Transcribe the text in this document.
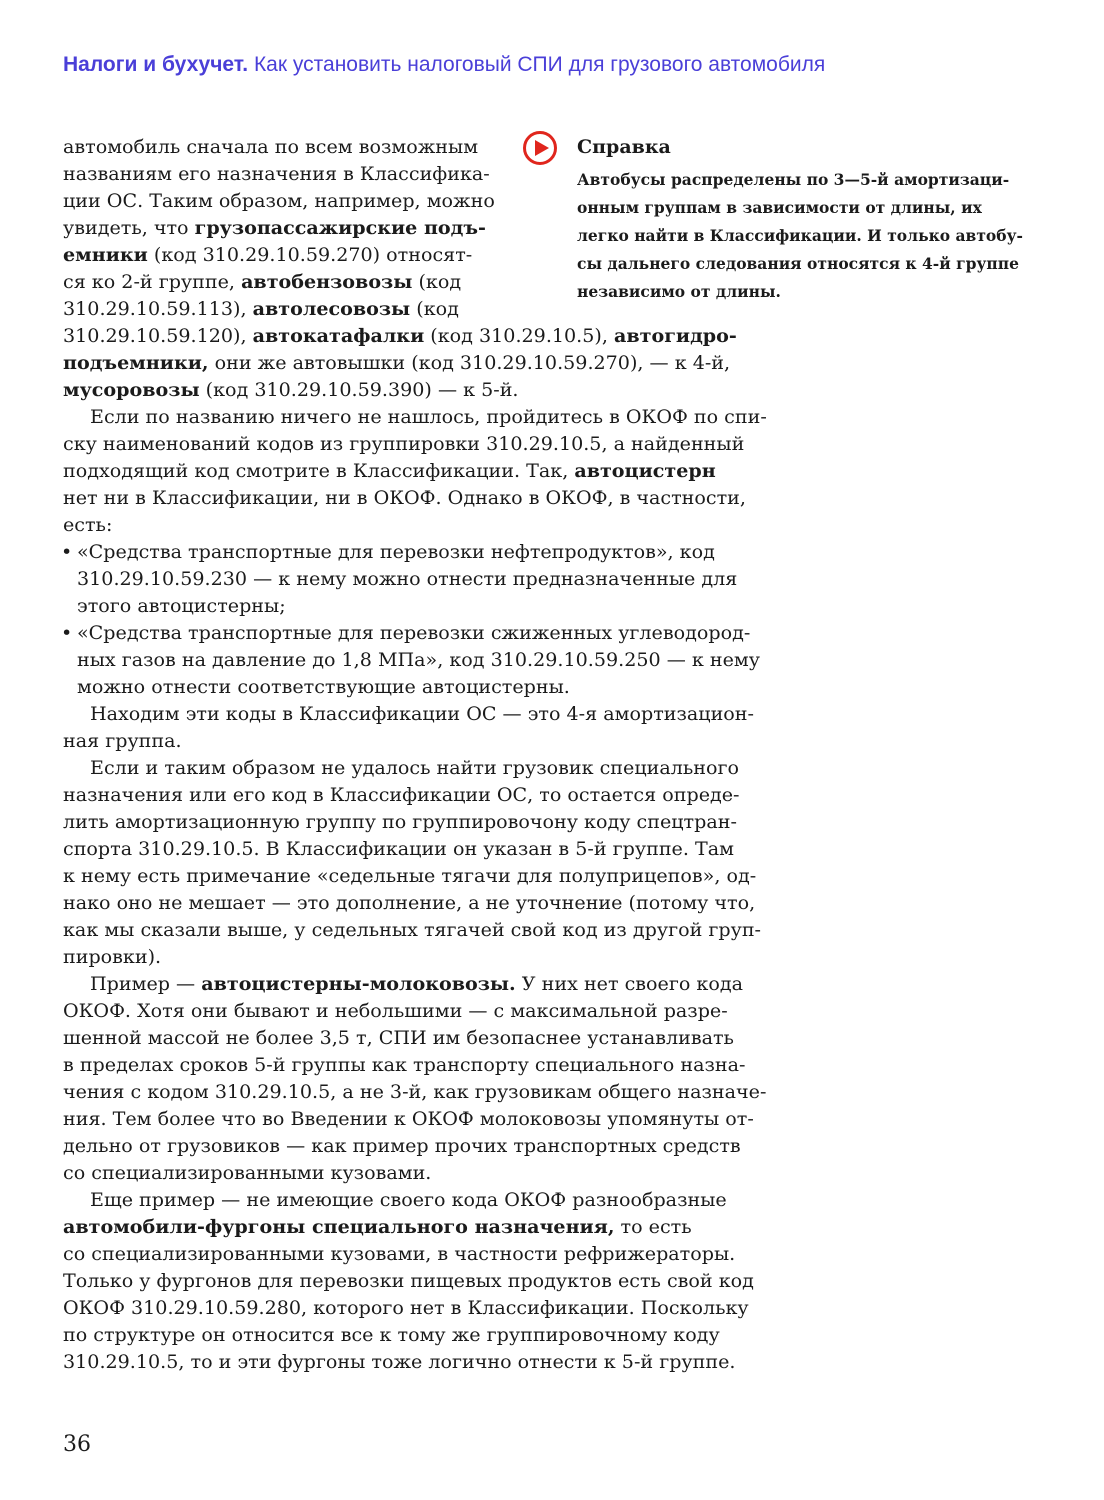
Налоги и бухучет. Как установить налоговый СПИ для грузового автомобиля
Справка
Автобусы распределены по 3—5-й амортизаци-
онным группам в зависимости от длины, их
легко найти в Классификации. И только автобу-
сы дальнего следования относятся к 4-й группе
независимо от длины.
автомобиль сначала по всем возможным
названиям его назначения в Классифика-
ции ОС. Таким образом, например, можно
увидеть, что грузопассажирские подъ-
емники (код 310.29.10.59.270) относят-
ся ко 2-й группе, автобензовозы (код
310.29.10.59.113), автолесовозы (код
310.29.10.59.120), автокатафалки (код 310.29.10.5), автогидро-
подъемники, они же автовышки (код 310.29.10.59.270), — к 4-й,
мусоровозы (код 310.29.10.59.390) — к 5-й.
Если по названию ничего не нашлось, пройдитесь в ОКОФ по спи-
ску наименований кодов из группировки 310.29.10.5, а найденный
подходящий код смотрите в Классификации. Так, автоцистерн
нет ни в Классификации, ни в ОКОФ. Однако в ОКОФ, в частности,
есть:
• «Средства транспортные для перевозки нефтепродуктов», код
310.29.10.59.230 — к нему можно отнести предназначенные для
этого автоцистерны;
• «Средства транспортные для перевозки сжиженных углеводород-
ных газов на давление до 1,8 МПа», код 310.29.10.59.250 — к нему
можно отнести соответствующие автоцистерны.
Находим эти коды в Классификации ОС — это 4-я амортизацион-
ная группа.
Если и таким образом не удалось найти грузовик специального
назначения или его код в Классификации ОС, то остается опреде-
лить амортизационную группу по группировочону коду спецтран-
спорта 310.29.10.5. В Классификации он указан в 5-й группе. Там
к нему есть примечание «седельные тягачи для полуприцепов», од-
нако оно не мешает — это дополнение, а не уточнение (потому что,
как мы сказали выше, у седельных тягачей свой код из другой груп-
пировки).
Пример — автоцистерны-молоковозы. У них нет своего кода
ОКОФ. Хотя они бывают и небольшими — с максимальной разре-
шенной массой не более 3,5 т, СПИ им безопаснее устанавливать
в пределах сроков 5-й группы как транспорту специального назна-
чения с кодом 310.29.10.5, а не 3-й, как грузовикам общего назначе-
ния. Тем более что во Введении к ОКОФ молоковозы упомянуты от-
дельно от грузовиков — как пример прочих транспортных средств
со специализированными кузовами.
Еще пример — не имеющие своего кода ОКОФ разнообразные
автомобили-фургоны специального назначения, то есть
со специализированными кузовами, в частности рефрижераторы.
Только у фургонов для перевозки пищевых продуктов есть свой код
ОКОФ 310.29.10.59.280, которого нет в Классификации. Поскольку
по структуре он относится все к тому же группировочному коду
310.29.10.5, то и эти фургоны тоже логично отнести к 5-й группе.
36
